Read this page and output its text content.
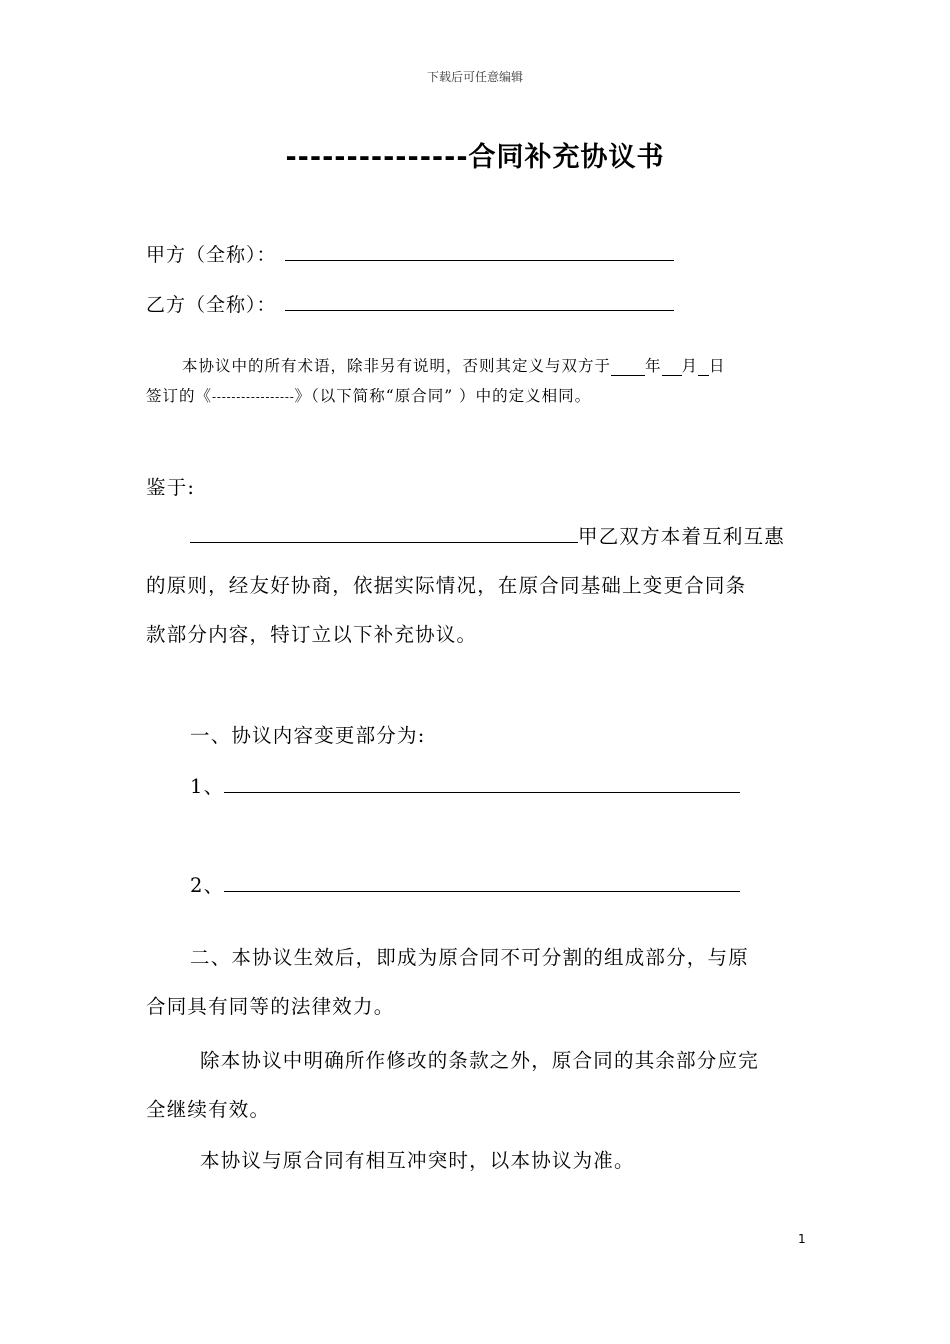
下载后可任意编辑
---------------合同补充协议书
甲方（全称）：
乙方（全称）：
本协议中的所有术语，除非另有说明，否则其定义与双方于 年 月 日
签订的《-----------------》（以下简称“原合同” ）中的定义相同。
鉴于:
甲乙双方本着互利互惠
的原则，经友好协商，依据实际情况，在原合同基础上变更合同条
款部分内容，特订立以下补充协议。
一、协议内容变更部分为:
1、
2、
二、本协议生效后，即成为原合同不可分割的组成部分，与原
合同具有同等的法律效力。
除本协议中明确所作修改的条款之外，原合同的其余部分应完
全继续有效。
本协议与原合同有相互冲突时，以本协议为准。
1
